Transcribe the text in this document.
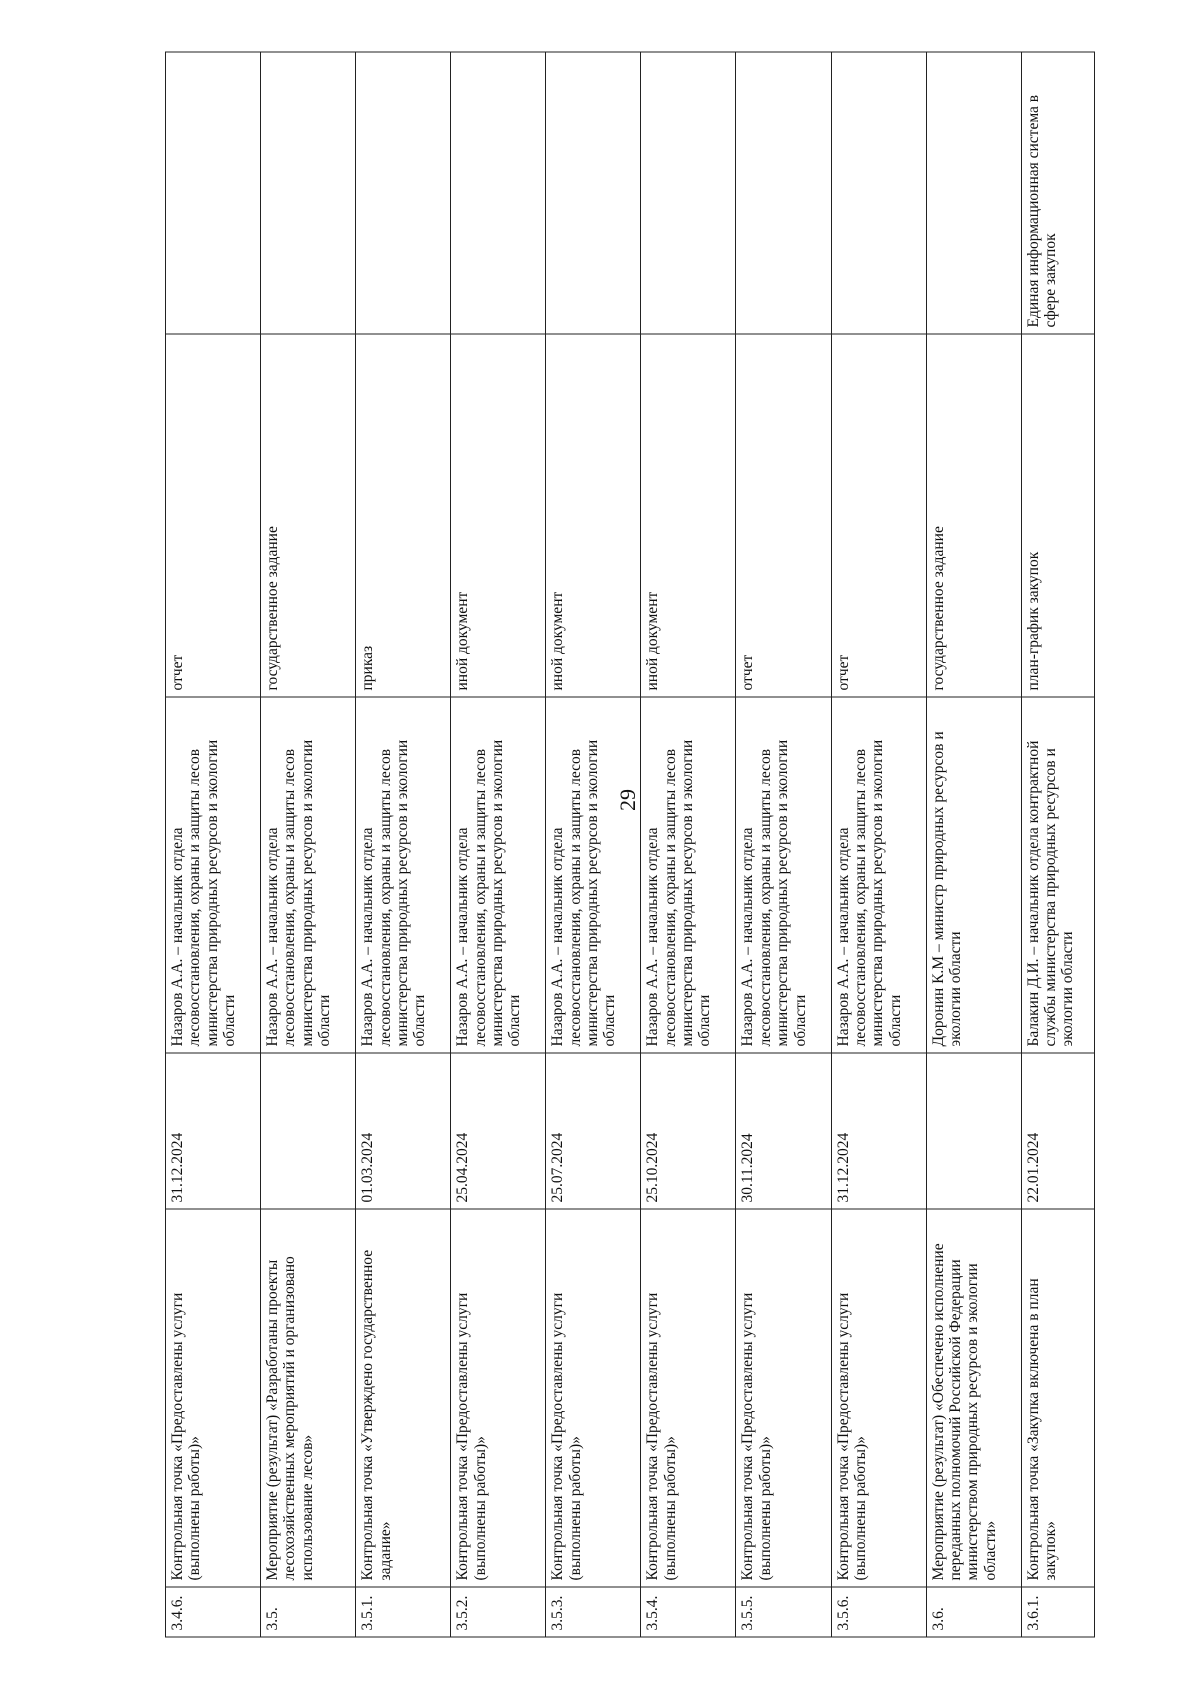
29
3.4.6.	Контрольная точка «Предоставлены услуги (выполнены работы)»	31.12.2024	Назаров А.А. – начальник отдела лесовосстановления, охраны и защиты лесов министерства природных ресурсов и экологии области	отчет	
3.5.	Мероприятие (результат) «Разработаны проекты лесохозяйственных мероприятий и организовано использование лесов»		Назаров А.А. – начальник отдела лесовосстановления, охраны и защиты лесов министерства природных ресурсов и экологии области	государственное задание	
3.5.1.	Контрольная точка «Утверждено государственное задание»	01.03.2024	Назаров А.А. – начальник отдела лесовосстановления, охраны и защиты лесов министерства природных ресурсов и экологии области	приказ	
3.5.2.	Контрольная точка «Предоставлены услуги (выполнены работы)»	25.04.2024	Назаров А.А. – начальник отдела лесовосстановления, охраны и защиты лесов министерства природных ресурсов и экологии области	иной документ	
3.5.3.	Контрольная точка «Предоставлены услуги (выполнены работы)»	25.07.2024	Назаров А.А. – начальник отдела лесовосстановления, охраны и защиты лесов министерства природных ресурсов и экологии области	иной документ	
3.5.4.	Контрольная точка «Предоставлены услуги (выполнены работы)»	25.10.2024	Назаров А.А. – начальник отдела лесовосстановления, охраны и защиты лесов министерства природных ресурсов и экологии области	иной документ	
3.5.5.	Контрольная точка «Предоставлены услуги (выполнены работы)»	30.11.2024	Назаров А.А. – начальник отдела лесовосстановления, охраны и защиты лесов министерства природных ресурсов и экологии области	отчет	
3.5.6.	Контрольная точка «Предоставлены услуги (выполнены работы)»	31.12.2024	Назаров А.А. – начальник отдела лесовосстановления, охраны и защиты лесов министерства природных ресурсов и экологии области	отчет	
3.6.	Мероприятие (результат) «Обеспечено исполнение переданных полномочий Российской Федерации министерством природных ресурсов и экологии области»		Доронин К.М – министр природных ресурсов и экологии области	государственное задание	
3.6.1.	Контрольная точка «Закупка включена в план закупок»	22.01.2024	Балакин Д.И. – начальник отдела контрактной службы министерства природных ресурсов и экологии области	план-график закупок	Единая информационная система в сфере закупок
